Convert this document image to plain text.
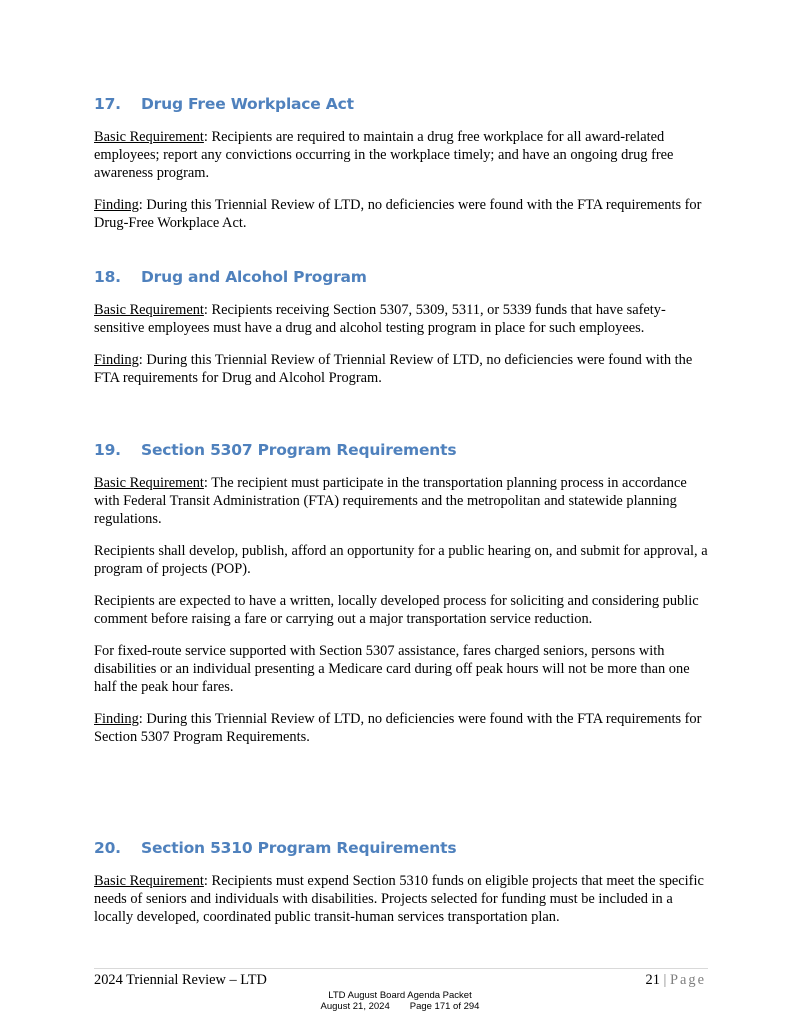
17. Drug Free Workplace Act

Basic Requirement: Recipients are required to maintain a drug free workplace for all award-related employees; report any convictions occurring in the workplace timely; and have an ongoing drug free awareness program.

Finding: During this Triennial Review of LTD, no deficiencies were found with the FTA requirements for Drug-Free Workplace Act.

18. Drug and Alcohol Program

Basic Requirement: Recipients receiving Section 5307, 5309, 5311, or 5339 funds that have safety-sensitive employees must have a drug and alcohol testing program in place for such employees.

Finding: During this Triennial Review of Triennial Review of LTD, no deficiencies were found with the FTA requirements for Drug and Alcohol Program.

19. Section 5307 Program Requirements

Basic Requirement: The recipient must participate in the transportation planning process in accordance with Federal Transit Administration (FTA) requirements and the metropolitan and statewide planning regulations.

Recipients shall develop, publish, afford an opportunity for a public hearing on, and submit for approval, a program of projects (POP).

Recipients are expected to have a written, locally developed process for soliciting and considering public comment before raising a fare or carrying out a major transportation service reduction.

For fixed-route service supported with Section 5307 assistance, fares charged seniors, persons with disabilities or an individual presenting a Medicare card during off peak hours will not be more than one half the peak hour fares.

Finding: During this Triennial Review of LTD, no deficiencies were found with the FTA requirements for Section 5307 Program Requirements.

20. Section 5310 Program Requirements

Basic Requirement: Recipients must expend Section 5310 funds on eligible projects that meet the specific needs of seniors and individuals with disabilities. Projects selected for funding must be included in a locally developed, coordinated public transit-human services transportation plan.

2024 Triennial Review – LTD	21 | Page
LTD August Board Agenda Packet
August 21, 2024 Page 171 of 294
